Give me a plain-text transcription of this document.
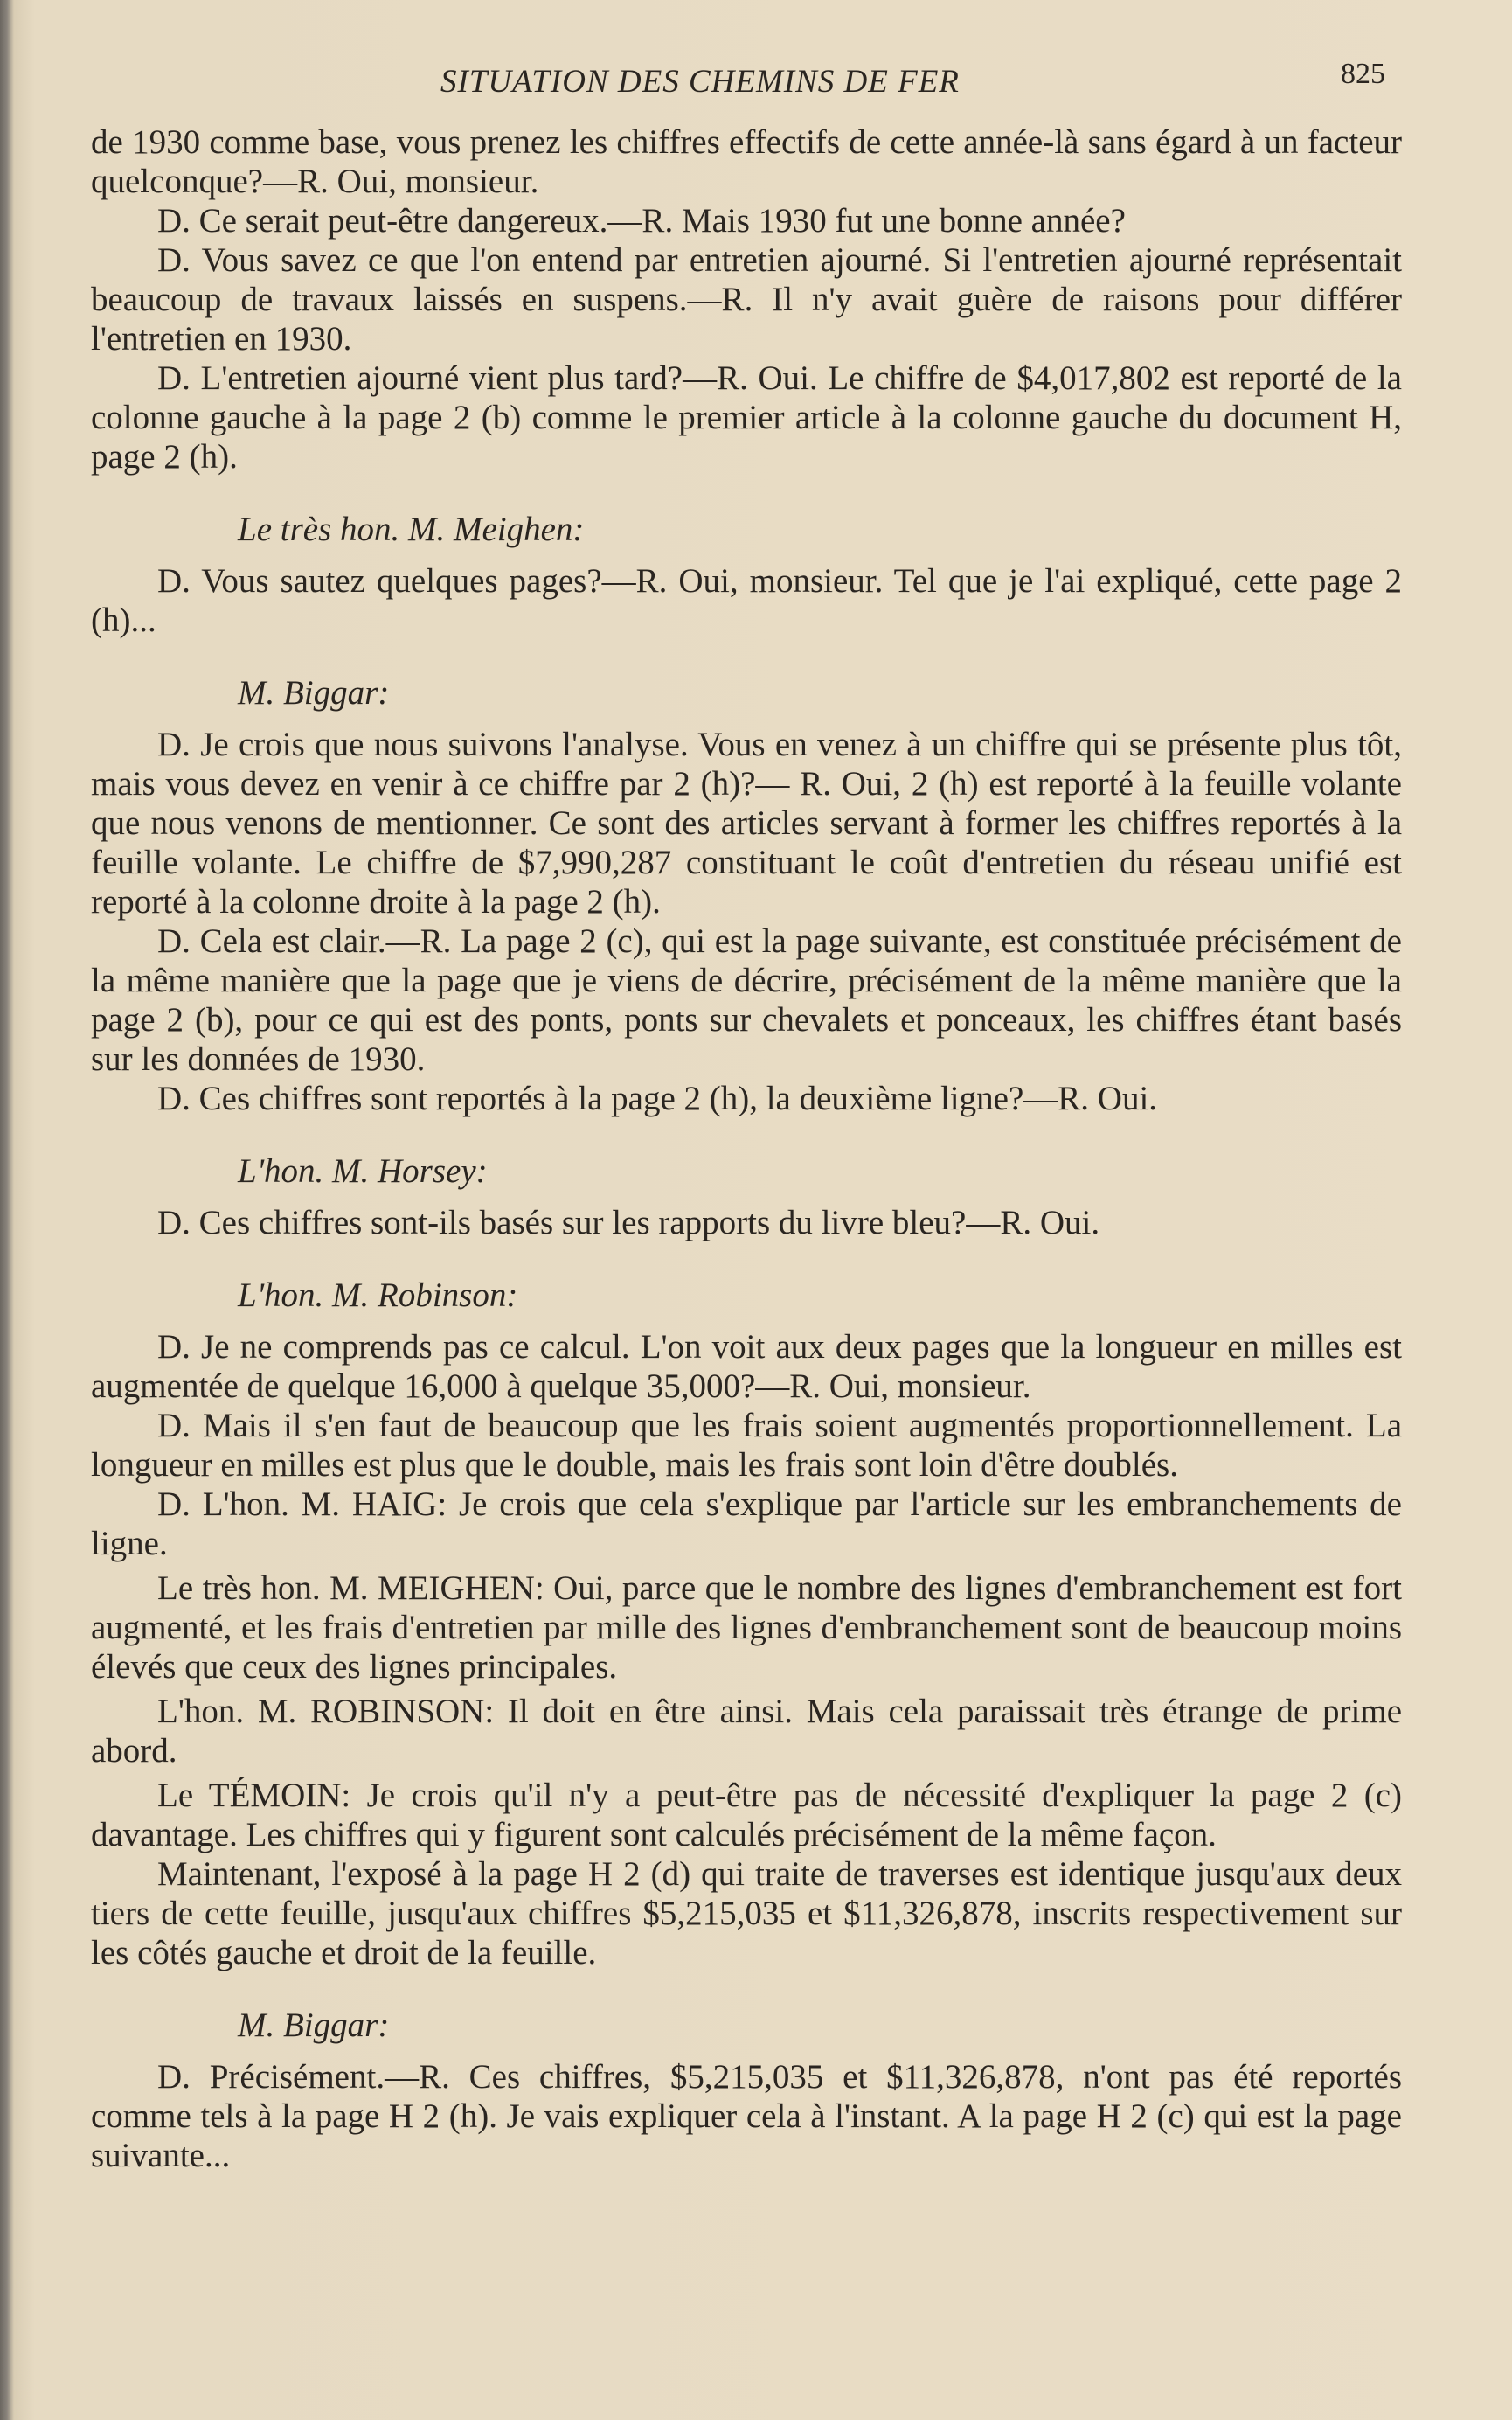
SITUATION DES CHEMINS DE FER	825

de 1930 comme base, vous prenez les chiffres effectifs de cette année-là sans égard à un facteur quelconque?—R. Oui, monsieur.

D. Ce serait peut-être dangereux.—R. Mais 1930 fut une bonne année?

D. Vous savez ce que l'on entend par entretien ajourné. Si l'entretien ajourné représentait beaucoup de travaux laissés en suspens.—R. Il n'y avait guère de raisons pour différer l'entretien en 1930.

D. L'entretien ajourné vient plus tard?—R. Oui. Le chiffre de $4,017,802 est reporté de la colonne gauche à la page 2 (b) comme le premier article à la colonne gauche du document H, page 2 (h).

Le très hon. M. Meighen:

D. Vous sautez quelques pages?—R. Oui, monsieur. Tel que je l'ai expliqué, cette page 2 (h)...

M. Biggar:

D. Je crois que nous suivons l'analyse. Vous en venez à un chiffre qui se présente plus tôt, mais vous devez en venir à ce chiffre par 2 (h)?— R. Oui, 2 (h) est reporté à la feuille volante que nous venons de mentionner. Ce sont des articles servant à former les chiffres reportés à la feuille volante. Le chiffre de $7,990,287 constituant le coût d'entretien du réseau unifié est reporté à la colonne droite à la page 2 (h).

D. Cela est clair.—R. La page 2 (c), qui est la page suivante, est constituée précisément de la même manière que la page que je viens de décrire, précisément de la même manière que la page 2 (b), pour ce qui est des ponts, ponts sur chevalets et ponceaux, les chiffres étant basés sur les données de 1930.

D. Ces chiffres sont reportés à la page 2 (h), la deuxième ligne?—R. Oui.

L'hon. M. Horsey:

D. Ces chiffres sont-ils basés sur les rapports du livre bleu?—R. Oui.

L'hon. M. Robinson:

D. Je ne comprends pas ce calcul. L'on voit aux deux pages que la longueur en milles est augmentée de quelque 16,000 à quelque 35,000?—R. Oui, monsieur.

D. Mais il s'en faut de beaucoup que les frais soient augmentés proportionnellement. La longueur en milles est plus que le double, mais les frais sont loin d'être doublés.

D. L'hon. M. HAIG: Je crois que cela s'explique par l'article sur les embranchements de ligne.

Le très hon. M. MEIGHEN: Oui, parce que le nombre des lignes d'embranchement est fort augmenté, et les frais d'entretien par mille des lignes d'embranchement sont de beaucoup moins élevés que ceux des lignes principales.

L'hon. M. ROBINSON: Il doit en être ainsi. Mais cela paraissait très étrange de prime abord.

Le TÉMOIN: Je crois qu'il n'y a peut-être pas de nécessité d'expliquer la page 2 (c) davantage. Les chiffres qui y figurent sont calculés précisément de la même façon.

Maintenant, l'exposé à la page H 2 (d) qui traite de traverses est identique jusqu'aux deux tiers de cette feuille, jusqu'aux chiffres $5,215,035 et $11,326,878, inscrits respectivement sur les côtés gauche et droit de la feuille.

M. Biggar:

D. Précisément.—R. Ces chiffres, $5,215,035 et $11,326,878, n'ont pas été reportés comme tels à la page H 2 (h). Je vais expliquer cela à l'instant. A la page H 2 (c) qui est la page suivante...
